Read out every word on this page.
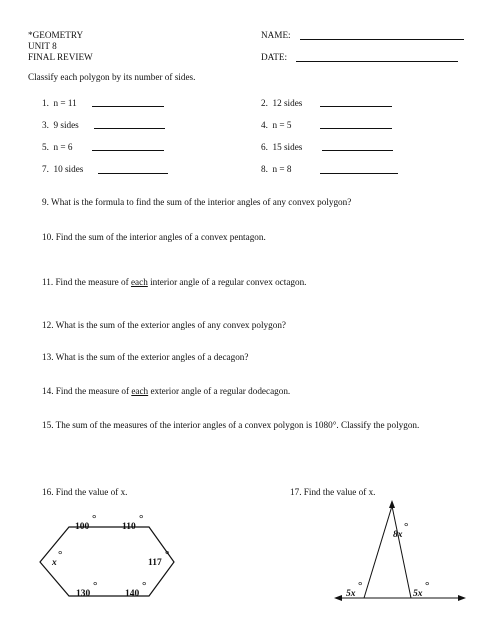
*GEOMETRY
UNIT 8
FINAL REVIEW
NAME:
DATE:
Classify each polygon by its number of sides.
1. n = 11	2. 12 sides
3. 9 sides	4. n = 5
5. n = 6	6. 15 sides
7. 10 sides	8. n = 8
9. What is the formula to find the sum of the interior angles of any convex polygon?
10. Find the sum of the interior angles of a convex pentagon.
11. Find the measure of each interior angle of a regular convex octagon.
12. What is the sum of the exterior angles of any convex polygon?
13. What is the sum of the exterior angles of a decagon?
14. Find the measure of each exterior angle of a regular dodecagon.
15. The sum of the measures of the interior angles of a convex polygon is 1080°. Classify the polygon.
16. Find the value of x.	17. Find the value of x.
100
°
110
°
117
°
140
°
130
°
x
°
8x
°
5x
°
5x
°
